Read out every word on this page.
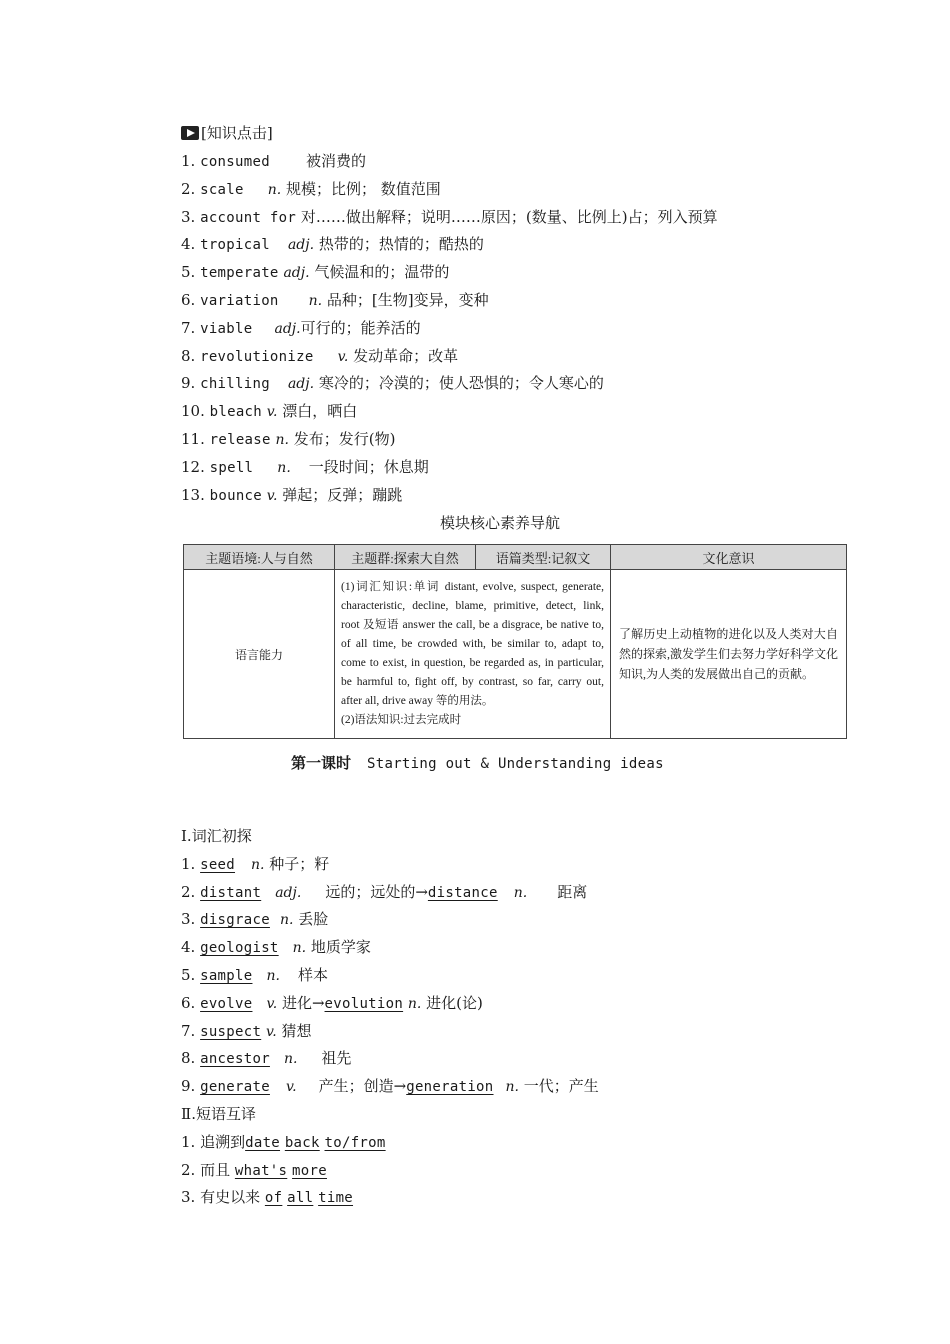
[知识点击]
1. consumed 被消费的
2. scale n. 规模；比例； 数值范围
3. account for 对……做出解释；说明……原因；(数量、比例上)占；列入预算
4. tropical adj. 热带的；热情的；酷热的
5. temperate adj. 气候温和的；温带的
6. variation n. 品种；[生物]变异，变种
7. viable adj.可行的；能养活的
8. revolutionize v. 发动革命；改革
9. chilling adj. 寒冷的；冷漠的；使人恐惧的；令人寒心的
10. bleach v. 漂白，晒白
11. release n. 发布；发行(物)
12. spell n. 一段时间；休息期
13. bounce v. 弹起；反弹；蹦跳
模块核心素养导航
主题语境:人与自然	主题群:探索大自然	语篇类型:记叙文	文化意识
语言能力	(1)词汇知识:单词 distant, evolve, suspect, generate, characteristic, decline, blame, primitive, detect, link, root 及短语 answer the call, be a disgrace, be native to, of all time, be crowded with, be similar to, adapt to, come to exist, in question, be regarded as, in particular, be harmful to, fight off, by contrast, so far, carry out, after all, drive away 等的用法。
(2)语法知识:过去完成时		了解历史上动植物的进化以及人类对大自然的探索,激发学生们去努力学好科学文化知识,为人类的发展做出自己的贡献。
第一课时 Starting out & Understanding ideas
Ⅰ.词汇初探
1. seed n. 种子；籽
2. distant adj. 远的；远处的→distance n. 距离
3. disgrace n. 丢脸
4. geologist n. 地质学家
5. sample n. 样本
6. evolve v. 进化→evolution n. 进化(论)
7. suspect v. 猜想
8. ancestor n. 祖先
9. generate v. 产生；创造→generation n. 一代；产生
Ⅱ.短语互译
1. 追溯到date back to/from
2. 而且 what's more
3. 有史以来 of all time
